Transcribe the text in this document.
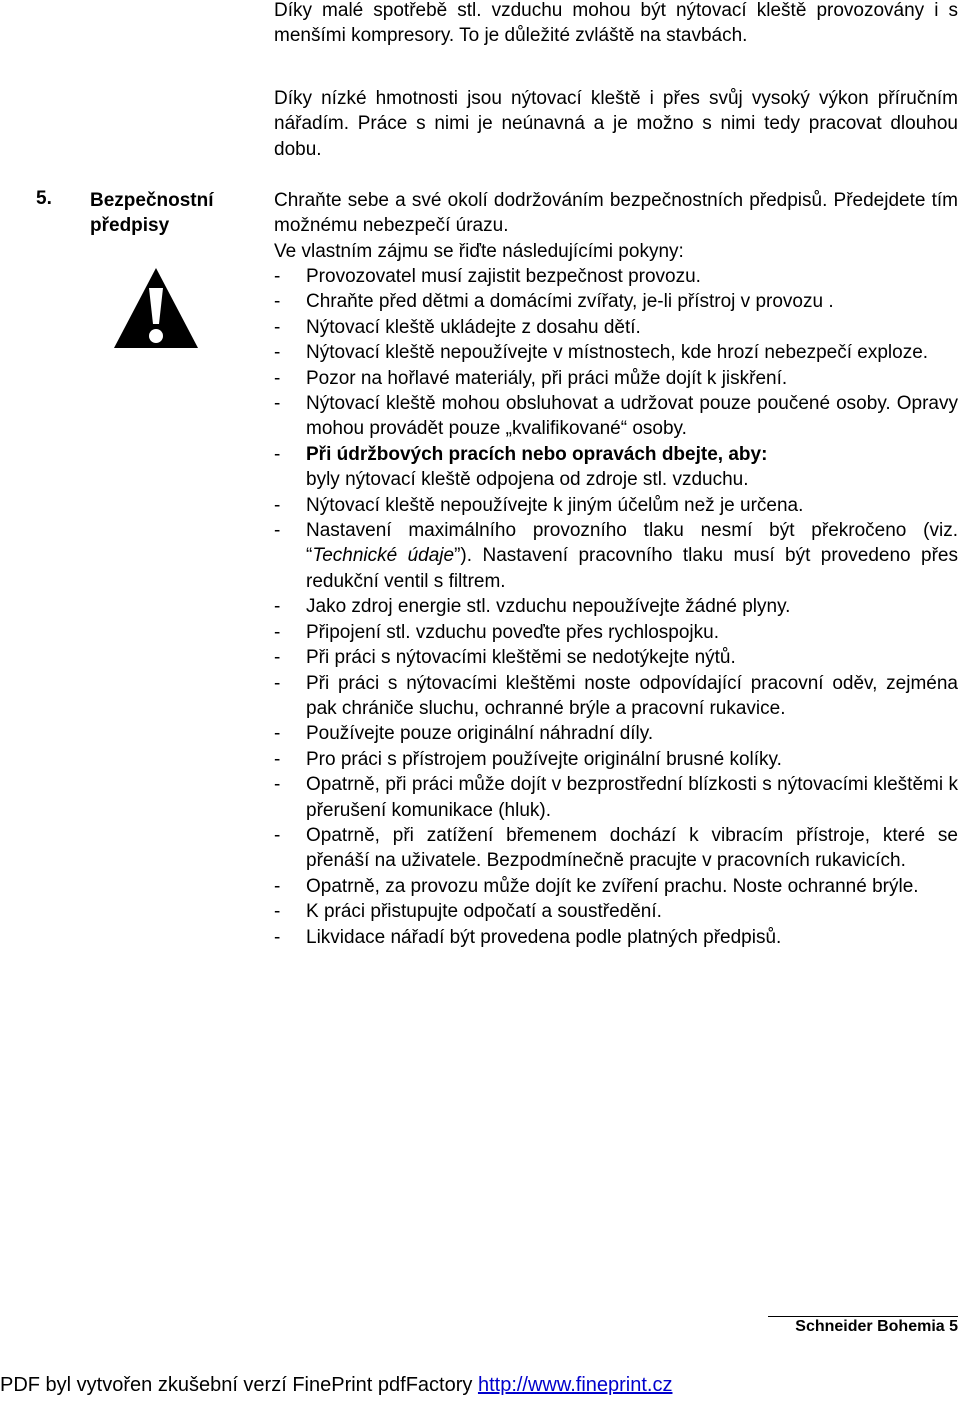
Díky malé spotřebě stl. vzduchu mohou být nýtovací kleště provozovány i s menšími kompresory. To je důležité zvláště na stavbách.

Díky nízké hmotnosti jsou nýtovací kleště i přes svůj vysoký výkon příručním nářadím. Práce s nimi je neúnavná a je možno s nimi tedy pracovat dlouhou dobu.

5. Bezpečnostní
předpisy

Chraňte sebe a své okolí dodržováním bezpečnostních předpisů. Předejdete tím možnému nebezpečí úrazu.

Ve vlastním zájmu se řiďte následujícími pokyny:

- Provozovatel musí zajistit bezpečnost provozu.
- Chraňte před dětmi a domácími zvířaty, je-li přístroj v provozu .
- Nýtovací kleště ukládejte z dosahu dětí.
- Nýtovací kleště nepoužívejte v místnostech, kde hrozí nebezpečí exploze.
- Pozor na hořlavé materiály, při práci může dojít k jiskření.
- Nýtovací kleště mohou obsluhovat a udržovat pouze poučené osoby. Opravy mohou provádět pouze „kvalifikované“ osoby.
- Při údržbových pracích nebo opravách dbejte, aby:
byly nýtovací kleště odpojena od zdroje stl. vzduchu.
- Nýtovací kleště nepoužívejte k jiným účelům než je určena.
- Nastavení maximálního provozního tlaku nesmí být překročeno (viz. “Technické údaje”). Nastavení pracovního tlaku musí být provedeno přes redukční ventil s filtrem.
- Jako zdroj energie stl. vzduchu nepoužívejte žádné plyny.
- Připojení stl. vzduchu poveďte přes rychlospojku.
- Při práci s nýtovacími kleštěmi se nedotýkejte nýtů.
- Při práci s nýtovacími kleštěmi noste odpovídající pracovní oděv, zejména pak chrániče sluchu, ochranné brýle a pracovní rukavice.
- Používejte pouze originální náhradní díly.
- Pro práci s přístrojem používejte originální brusné kolíky.
- Opatrně, při práci může dojít v bezprostřední blízkosti s nýtovacími kleštěmi k přerušení komunikace (hluk).
- Opatrně, při zatížení břemenem dochází k vibracím přístroje, které se přenáší na uživatele. Bezpodmínečně pracujte v pracovních rukavicích.
- Opatrně, za provozu může dojít ke zvíření prachu. Noste ochranné brýle.
- K práci přistupujte odpočatí a soustředění.
- Likvidace nářadí být provedena podle platných předpisů.
Schneider Bohemia 5
PDF byl vytvořen zkušební verzí FinePrint pdfFactory http://www.fineprint.cz
